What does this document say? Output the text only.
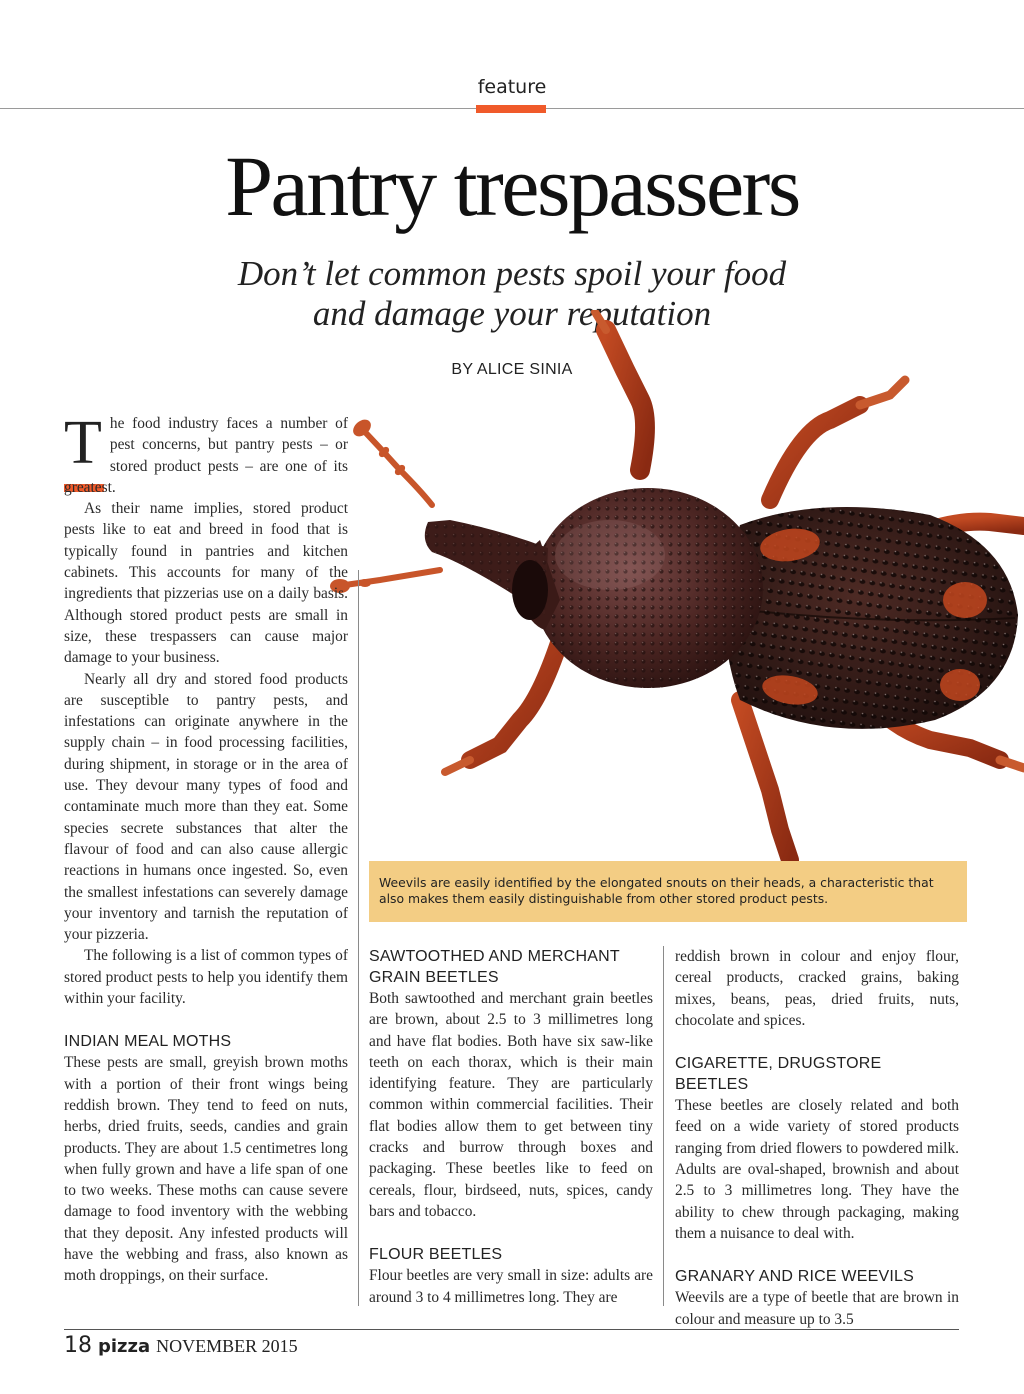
feature
Pantry trespassers
Don’t let common pests spoil your food
and damage your reputation
BY ALICE SINIA

The food industry faces a number of pest concerns, but pantry pests – or stored product pests – are one of its greatest.

As their name implies, stored product pests like to eat and breed in food that is typically found in pantries and kitchen cabinets. This accounts for many of the ingredients that pizzerias use on a daily basis. Although stored product pests are small in size, these trespassers can cause major damage to your business.

Nearly all dry and stored food products are susceptible to pantry pests, and infestations can originate anywhere in the supply chain – in food processing facilities, during shipment, in storage or in the area of use. They devour many types of food and contaminate much more than they eat. Some species secrete substances that alter the flavour of food and can also cause allergic reactions in humans once ingested. So, even the smallest infestations can severely damage your inventory and tarnish the reputation of your pizzeria.

The following is a list of common types of stored product pests to help you identify them within your facility.

INDIAN MEAL MOTHS

These pests are small, greyish brown moths with a portion of their front wings being reddish brown. They tend to feed on nuts, herbs, dried fruits, seeds, candies and grain products. They are about 1.5 centimetres long when fully grown and have a life span of one to two weeks. These moths can cause severe damage to food inventory with the webbing that they deposit. Any infested products will have the webbing and frass, also known as moth droppings, on their surface.

Weevils are easily identified by the elongated snouts on their heads, a characteristic that also makes them easily distinguishable from other stored product pests.
SAWTOOTHED AND MERCHANT GRAIN BEETLES

Both sawtoothed and merchant grain beetles are brown, about 2.5 to 3 millimetres long and have flat bodies. Both have six saw-like teeth on each thorax, which is their main identifying feature. They are particularly common within commercial facilities. Their flat bodies allow them to get between tiny cracks and burrow through boxes and packaging. These beetles like to feed on cereals, flour, birdseed, nuts, spices, candy bars and tobacco.

FLOUR BEETLES

Flour beetles are very small in size: adults are around 3 to 4 millimetres long. They are

reddish brown in colour and enjoy flour, cereal products, cracked grains, baking mixes, beans, peas, dried fruits, nuts, chocolate and spices.

CIGARETTE, DRUGSTORE BEETLES

These beetles are closely related and both feed on a wide variety of stored products ranging from dried flowers to powdered milk. Adults are oval-shaped, brownish and about 2.5 to 3 millimetres long. They have the ability to chew through packaging, making them a nuisance to deal with.

GRANARY AND RICE WEEVILS

Weevils are a type of beetle that are brown in colour and measure up to 3.5

18 pizza NOVEMBER 2015
